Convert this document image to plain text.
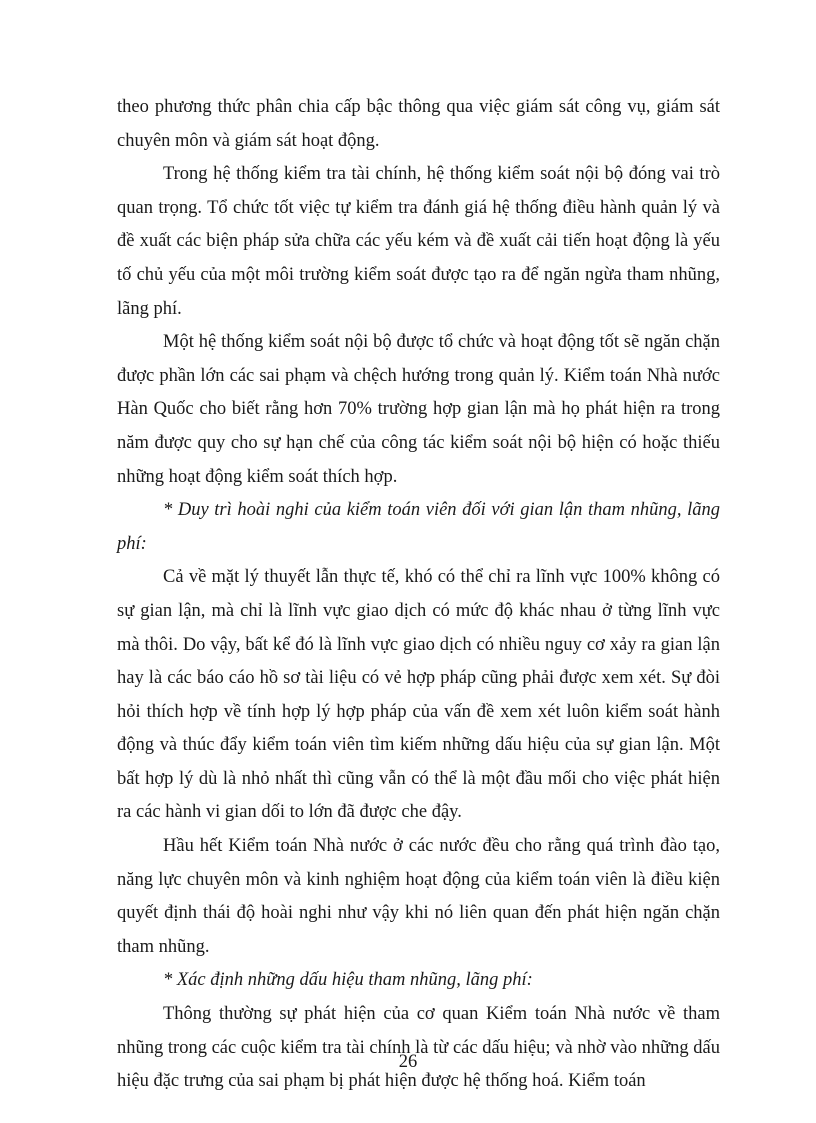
theo phương thức phân chia cấp bậc thông qua việc giám sát công vụ, giám sát chuyên môn và giám sát hoạt động.

Trong hệ thống kiểm tra tài chính, hệ thống kiểm soát nội bộ đóng vai trò quan trọng. Tổ chức tốt việc tự kiểm tra đánh giá hệ thống điều hành quản lý và đề xuất các biện pháp sửa chữa các yếu kém và đề xuất cải tiến hoạt động là yếu tố chủ yếu của một môi trường kiểm soát được tạo ra để ngăn ngừa tham nhũng, lãng phí.

Một hệ thống kiểm soát nội bộ được tổ chức và hoạt động tốt sẽ ngăn chặn được phần lớn các sai phạm và chệch hướng trong quản lý. Kiểm toán Nhà nước Hàn Quốc cho biết rằng hơn 70% trường hợp gian lận mà họ phát hiện ra trong năm được quy cho sự hạn chế của công tác kiểm soát nội bộ hiện có hoặc thiếu những hoạt động kiểm soát thích hợp.

* Duy trì hoài nghi của kiểm toán viên đối với gian lận tham nhũng, lãng phí:

Cả về mặt lý thuyết lẫn thực tế, khó có thể chỉ ra lĩnh vực 100% không có sự gian lận, mà chỉ là lĩnh vực giao dịch có mức độ khác nhau ở từng lĩnh vực mà thôi. Do vậy, bất kể đó là lĩnh vực giao dịch có nhiều nguy cơ xảy ra gian lận hay là các báo cáo hồ sơ tài liệu có vẻ hợp pháp cũng phải được xem xét. Sự đòi hỏi thích hợp về tính hợp lý hợp pháp của vấn đề xem xét luôn kiểm soát hành động và thúc đẩy kiểm toán viên tìm kiếm những dấu hiệu của sự gian lận. Một bất hợp lý dù là nhỏ nhất thì cũng vẫn có thể là một đầu mối cho việc phát hiện ra các hành vi gian dối to lớn đã được che đậy.

Hầu hết Kiểm toán Nhà nước ở các nước đều cho rằng quá trình đào tạo, năng lực chuyên môn và kinh nghiệm hoạt động của kiểm toán viên là điều kiện quyết định thái độ hoài nghi như vậy khi nó liên quan đến phát hiện ngăn chặn tham nhũng.

* Xác định những dấu hiệu tham nhũng, lãng phí:

Thông thường sự phát hiện của cơ quan Kiểm toán Nhà nước về tham nhũng trong các cuộc kiểm tra tài chính là từ các dấu hiệu; và nhờ vào những dấu hiệu đặc trưng của sai phạm bị phát hiện được hệ thống hoá. Kiểm toán

26
